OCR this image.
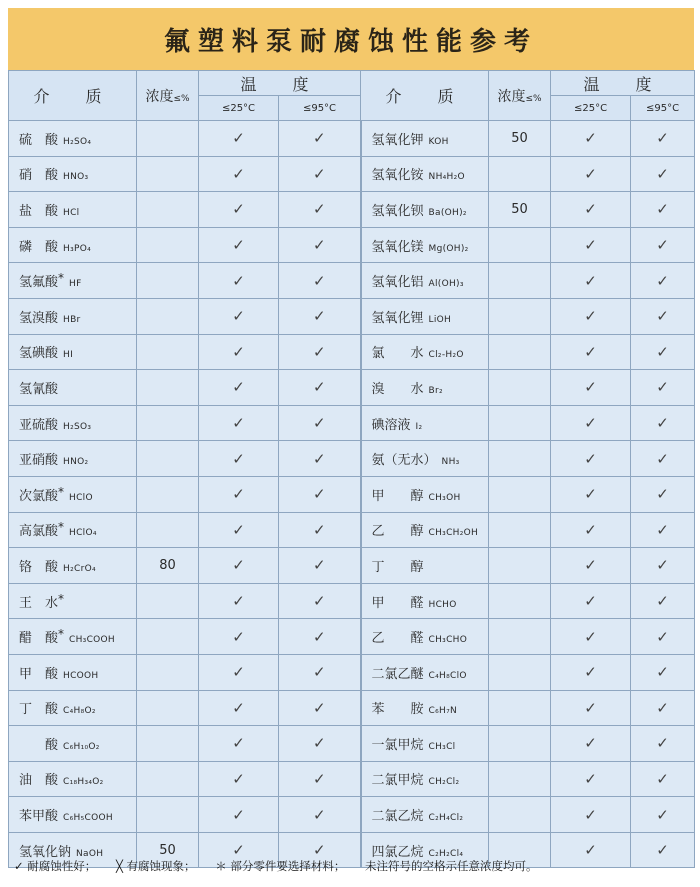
氟塑料泵耐腐蚀性能参考
介　质	浓度≤%	温　度		介　质	浓度≤%	温　度	
		≤25°C	≤95°C			≤25°C	≤95°C
硫　酸 H₂SO₄		✓	✓	氢氧化钾 KOH	50	✓	✓
硝　酸 HNO₃		✓	✓	氢氧化铵 NH₄H₂O		✓	✓
盐　酸 HCl		✓	✓	氢氧化钡 Ba(OH)₂	50	✓	✓
磷　酸 H₃PO₄		✓	✓	氢氧化镁 Mg(OH)₂		✓	✓
氢氟酸* HF		✓	✓	氢氧化铝 Al(OH)₃		✓	✓
氢溴酸 HBr		✓	✓	氢氧化锂 LiOH		✓	✓
氢碘酸 HI		✓	✓	氯　　水 Cl₂-H₂O		✓	✓
氢氰酸		✓	✓	溴　　水 Br₂		✓	✓
亚硫酸 H₂SO₃		✓	✓	碘溶液 I₂		✓	✓
亚硝酸 HNO₂		✓	✓	氨（无水） NH₃		✓	✓
次氯酸* HClO		✓	✓	甲　　醇 CH₃OH		✓	✓
高氯酸* HClO₄		✓	✓	乙　　醇 CH₃CH₂OH		✓	✓
铬　酸 H₂CrO₄	80	✓	✓	丁　　醇		✓	✓
王　水*		✓	✓	甲　　醛 HCHO		✓	✓
醋　酸* CH₃COOH		✓	✓	乙　　醛 CH₃CHO		✓	✓
甲　酸 HCOOH		✓	✓	二氯乙醚 C₄H₈ClO		✓	✓
丁　酸 C₄H₈O₂		✓	✓	苯　　胺 C₆H₇N		✓	✓
　　酸 C₆H₁₀O₂		✓	✓	一氯甲烷 CH₃Cl		✓	✓
油　酸 C₁₈H₃₄O₂		✓	✓	二氯甲烷 CH₂Cl₂		✓	✓
苯甲酸 C₆H₅COOH		✓	✓	二氯乙烷 C₂H₄Cl₂		✓	✓
氢氧化钠 NaOH	50	✓	✓	四氯乙烷 C₂H₂Cl₄		✓	✓
✓ 耐腐蚀性好； ╳ 有腐蚀现象； ＊ 部分零件要选择材料； 未注符号的空格示任意浓度均可。
